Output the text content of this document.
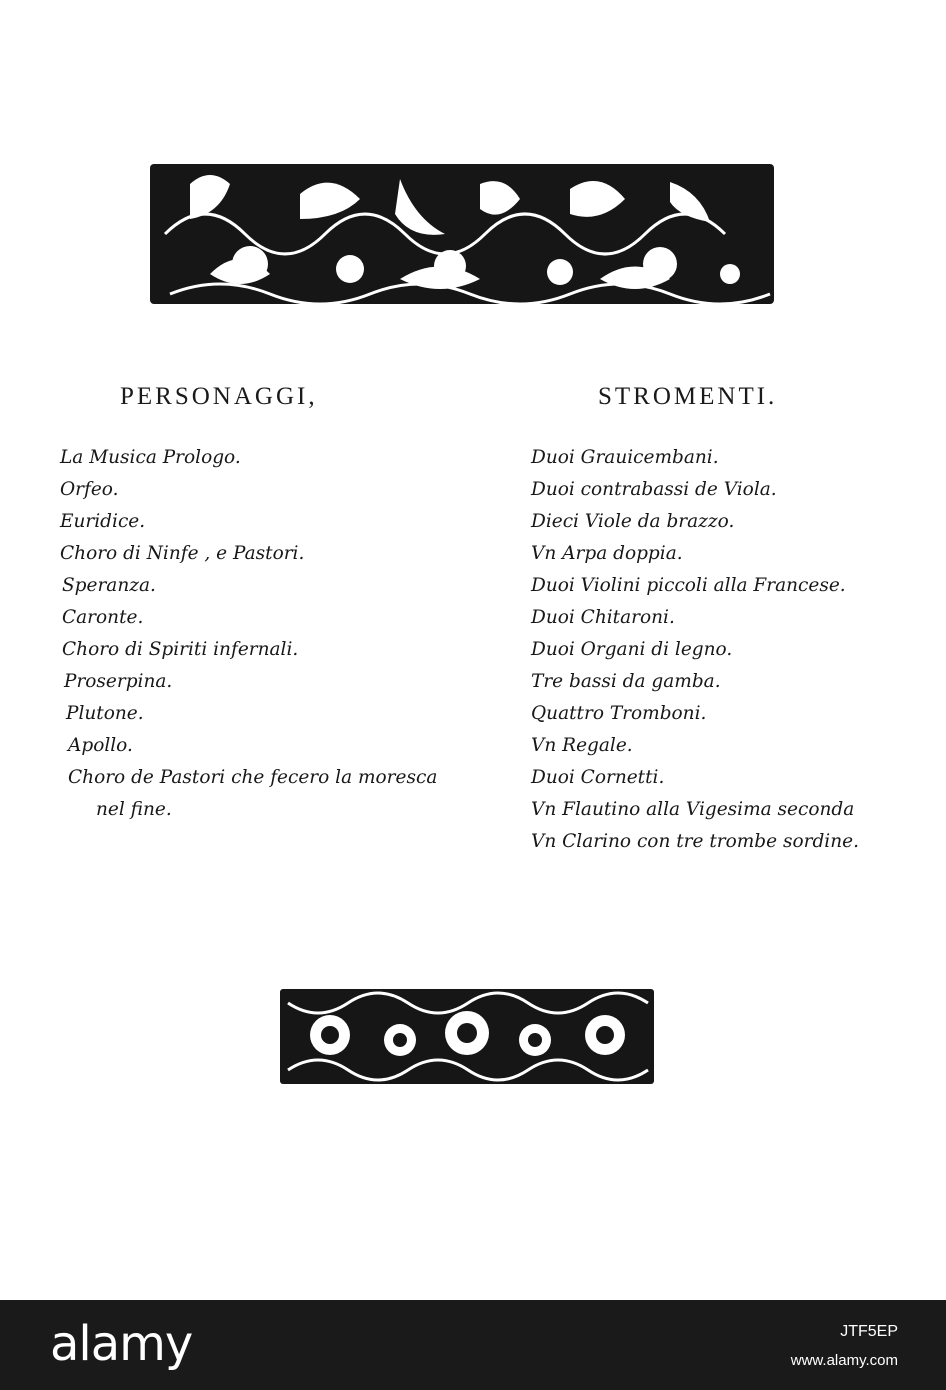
PERSONAGGI,	STROMENTI.
La Musica Prologo.
Orfeo.
Euridice.
Choro di Ninfe , e Pastori.
Speranza.
Caronte.
Choro di Spiriti infernali.
Proserpina.
Plutone.
Apollo.
Choro de Pastori che fecero la moresca
nel fine.
Duoi Grauicembani.
Duoi contrabassi de Viola.
Dieci Viole da brazzo.
Vn Arpa doppia.
Duoi Violini piccoli alla Francese.
Duoi Chitaroni.
Duoi Organi di legno.
Tre bassi da gamba.
Quattro Tromboni.
Vn Regale.
Duoi Cornetti.
Vn Flautino alla Vigesima seconda
Vn Clarino con tre trombe sordine.
alamy	JTF5EP
www.alamy.com
